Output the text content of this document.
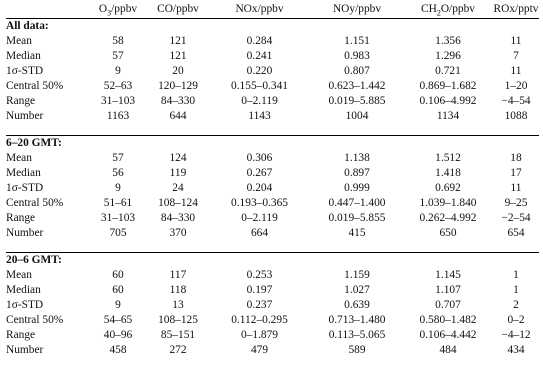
	$O_3$/ppbv	CO/ppbv	NOx/ppbv	NOy/ppbv	$CH_2O$/ppbv	ROx/pptv
All data:						
Mean	58	121	0.284	1.151	1.356	11
Median	57	121	0.241	0.983	1.296	7
1σ-STD	9	20	0.220	0.807	0.721	11
Central 50%	52–63	120–129	0.155–0.341	0.623–1.442	0.869–1.682	1–20
Range	31–103	84–330	0–2.119	0.019–5.885	0.106–4.992	−4–54
Number	1163	644	1143	1004	1134	1088

6–20 GMT:						
Mean	57	124	0.306	1.138	1.512	18
Median	56	119	0.267	0.897	1.418	17
1σ-STD	9	24	0.204	0.999	0.692	11
Central 50%	51–61	108–124	0.193–0.365	0.447–1.400	1.039–1.840	9–25
Range	31–103	84–330	0–2.119	0.019–5.855	0.262–4.992	−2–54
Number	705	370	664	415	650	654

20–6 GMT:						
Mean	60	117	0.253	1.159	1.145	1
Median	60	118	0.197	1.027	1.107	1
1σ-STD	9	13	0.237	0.639	0.707	2
Central 50%	54–65	108–125	0.112–0.295	0.713–1.480	0.580–1.482	0–2
Range	40–96	85–151	0–1.879	0.113–5.065	0.106–4.442	−4–12
Number	458	272	479	589	484	434
